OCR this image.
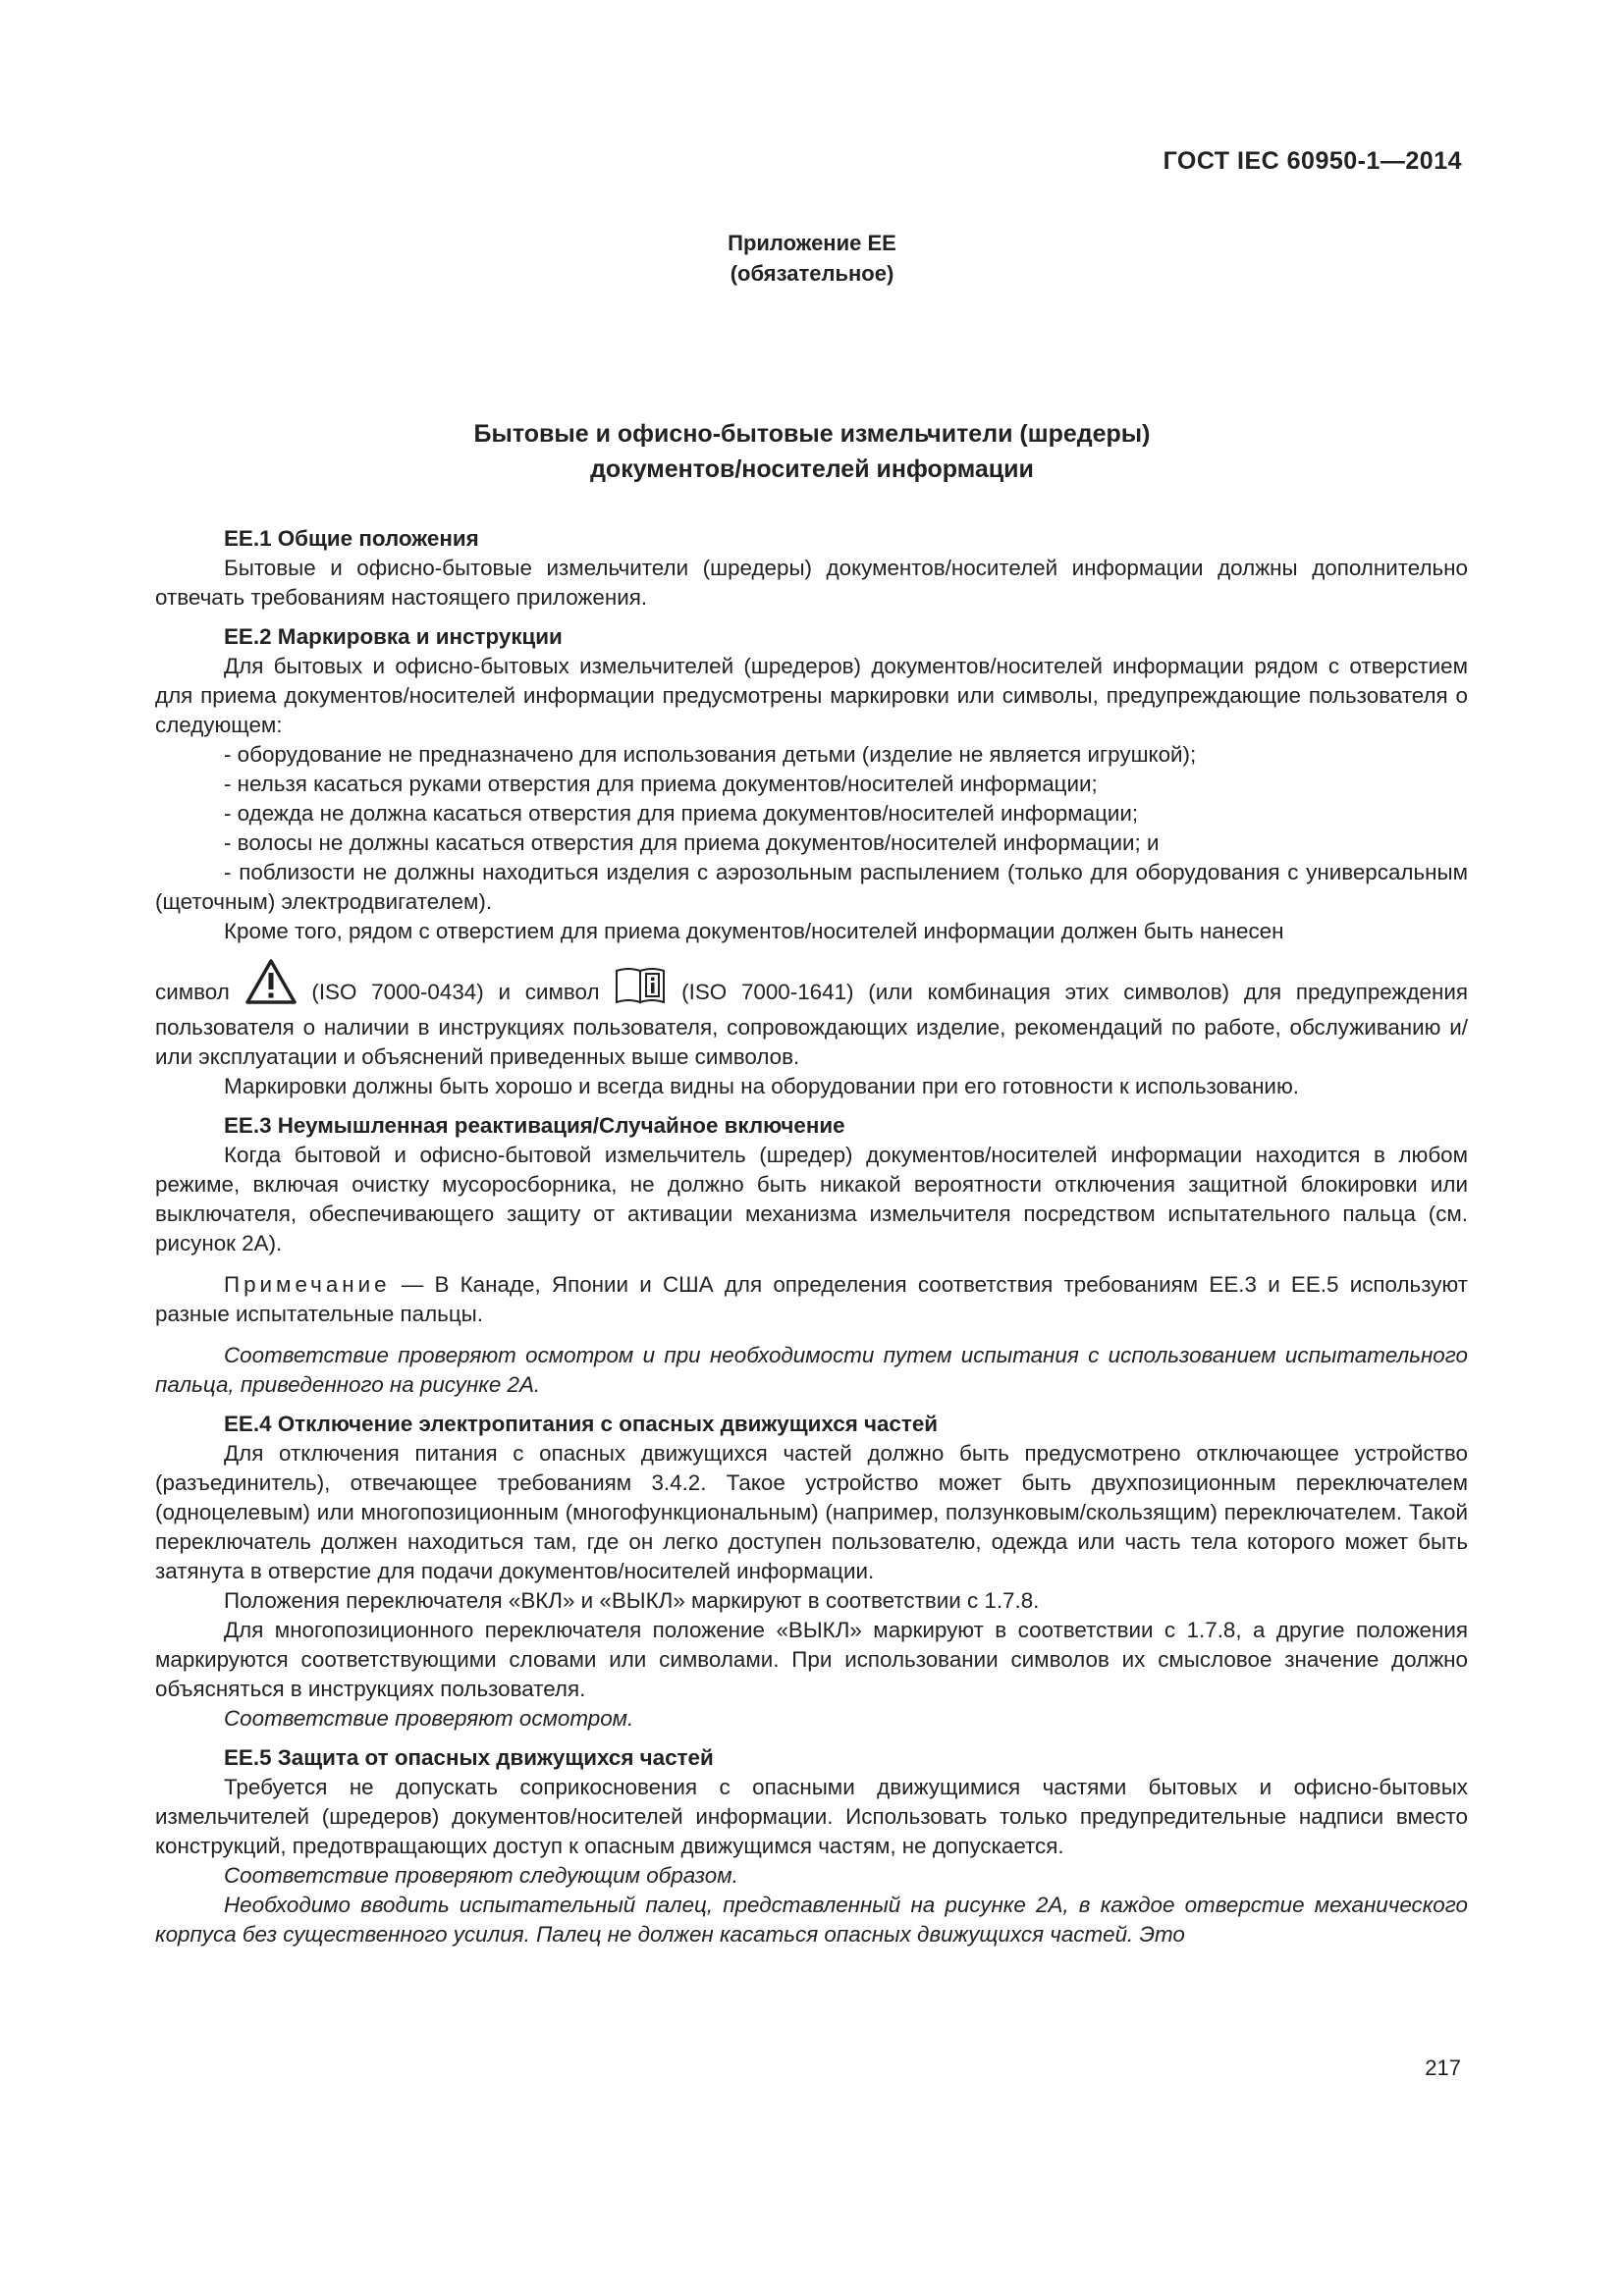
ГОСТ IEC 60950-1—2014
Приложение ЕЕ
(обязательное)
Бытовые и офисно-бытовые измельчители (шредеры)
документов/носителей информации
ЕЕ.1 Общие положения

Бытовые и офисно-бытовые измельчители (шредеры) документов/носителей информации должны дополнительно отвечать требованиям настоящего приложения.

ЕЕ.2 Маркировка и инструкции

Для бытовых и офисно-бытовых измельчителей (шредеров) документов/носителей информации рядом с отверстием для приема документов/носителей информации предусмотрены маркировки или символы, предупреждающие пользователя о следующем:

- оборудование не предназначено для использования детьми (изделие не является игрушкой);

- нельзя касаться руками отверстия для приема документов/носителей информации;

- одежда не должна касаться отверстия для приема документов/носителей информации;

- волосы не должны касаться отверстия для приема документов/носителей информации; и

- поблизости не должны находиться изделия с аэрозольным распылением (только для оборудования с универсальным (щеточным) электродвигателем).

Кроме того, рядом с отверстием для приема документов/носителей информации должен быть нанесен

символ	(ISO 7000-0434) и символ	(ISO 7000-1641) (или комбинация этих символов) для предупреждения пользователя о наличии в инструкциях пользователя, сопровождающих изделие, рекомендаций по работе, обслуживанию и/или эксплуатации и объяснений приведенных выше символов.

Маркировки должны быть хорошо и всегда видны на оборудовании при его готовности к использованию.

ЕЕ.3 Неумышленная реактивация/Случайное включение

Когда бытовой и офисно-бытовой измельчитель (шредер) документов/носителей информации находится в любом режиме, включая очистку мусоросборника, не должно быть никакой вероятности отключения защитной блокировки или выключателя, обеспечивающего защиту от активации механизма измельчителя посредством испытательного пальца (см. рисунок 2А).

Примечание — В Канаде, Японии и США для определения соответствия требованиям ЕЕ.3 и ЕЕ.5 используют разные испытательные пальцы.

Соответствие проверяют осмотром и при необходимости путем испытания с использованием испытательного пальца, приведенного на рисунке 2А.

ЕЕ.4 Отключение электропитания с опасных движущихся частей

Для отключения питания с опасных движущихся частей должно быть предусмотрено отключающее устройство (разъединитель), отвечающее требованиям 3.4.2. Такое устройство может быть двухпозиционным переключателем (одноцелевым) или многопозиционным (многофункциональным) (например, ползунковым/скользящим) переключателем. Такой переключатель должен находиться там, где он легко доступен пользователю, одежда или часть тела которого может быть затянута в отверстие для подачи документов/носителей информации.

Положения переключателя «ВКЛ» и «ВЫКЛ» маркируют в соответствии с 1.7.8.

Для многопозиционного переключателя положение «ВЫКЛ» маркируют в соответствии с 1.7.8, а другие положения маркируются соответствующими словами или символами. При использовании символов их смысловое значение должно объясняться в инструкциях пользователя.

Соответствие проверяют осмотром.

ЕЕ.5 Защита от опасных движущихся частей

Требуется не допускать соприкосновения с опасными движущимися частями бытовых и офисно-бытовых измельчителей (шредеров) документов/носителей информации. Использовать только предупредительные надписи вместо конструкций, предотвращающих доступ к опасным движущимся частям, не допускается.

Соответствие проверяют следующим образом.

Необходимо вводить испытательный палец, представленный на рисунке 2А, в каждое отверстие механического корпуса без существенного усилия. Палец не должен касаться опасных движущихся частей. Это

217
